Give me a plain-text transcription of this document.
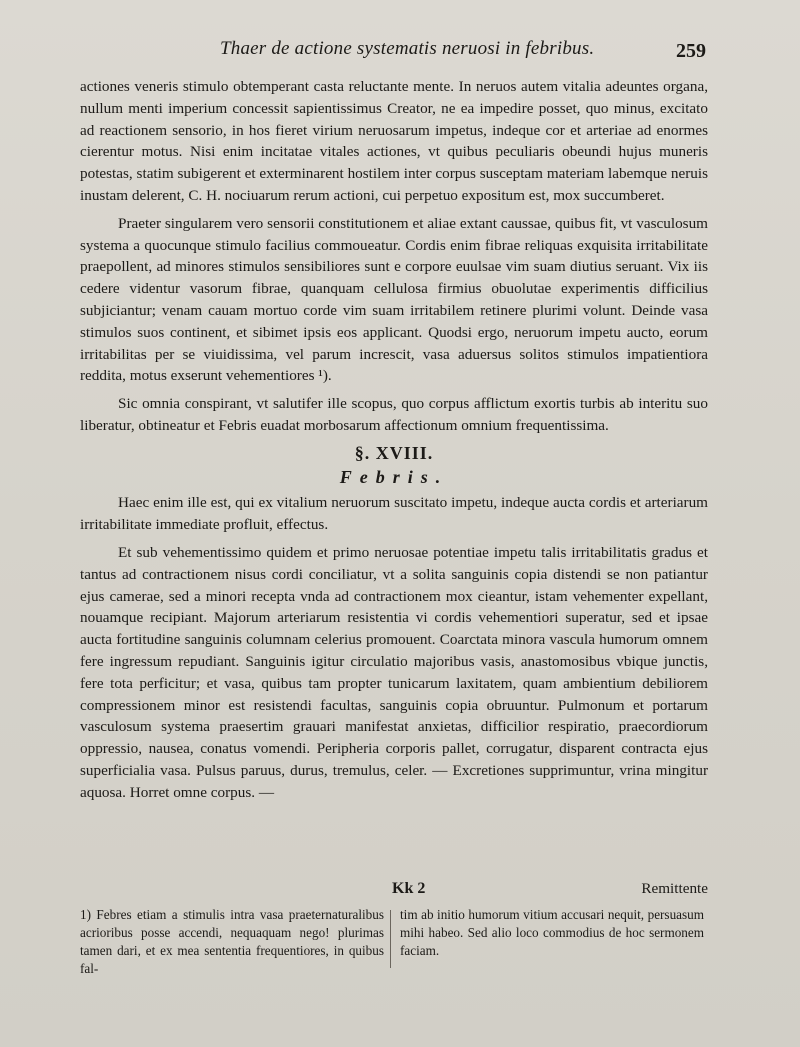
Thaer de actione systematis neruosi in febribus.	259

actiones veneris stimulo obtemperant casta reluctante mente. In neruos autem vitalia adeuntes organa, nullum menti imperium concessit sapientissimus Creator, ne ea impedire posset, quo minus, excitato ad reactionem sensorio, in hos fieret virium neruosarum impetus, indeque cor et arteriae ad enormes cierentur motus. Nisi enim incitatae vitales actiones, vt quibus peculiaris obeundi hujus muneris potestas, statim subigerent et exterminarent hostilem inter corpus susceptam materiam labemque neruis inustam delerent, C. H. nociuarum rerum actioni, cui perpetuo expositum est, mox succumberet.

Praeter singularem vero sensorii constitutionem et aliae extant caussae, quibus fit, vt vasculosum systema a quocunque stimulo facilius commoueatur. Cordis enim fibrae reliquas exquisita irritabilitate praepollent, ad minores stimulos sensibiliores sunt e corpore euulsae vim suam diutius seruant. Vix iis cedere videntur vasorum fibrae, quanquam cellulosa firmius obuolutae experimentis difficilius subjiciantur; venam cauam mortuo corde vim suam irritabilem retinere plurimi volunt. Deinde vasa stimulos suos continent, et sibimet ipsis eos applicant. Quodsi ergo, neruorum impetu aucto, eorum irritabilitas per se viuidissima, vel parum increscit, vasa aduersus solitos stimulos impatientiora reddita, motus exserunt vehementiores ¹).

Sic omnia conspirant, vt salutifer ille scopus, quo corpus afflictum exortis turbis ab interitu suo liberatur, obtineatur et Febris euadat morbosarum affectionum omnium frequentissima.

§. XVIII.
Febris.

Haec enim ille est, qui ex vitalium neruorum suscitato impetu, indeque aucta cordis et arteriarum irritabilitate immediate profluit, effectus.

Et sub vehementissimo quidem et primo neruosae potentiae impetu talis irritabilitatis gradus et tantus ad contractionem nisus cordi conciliatur, vt a solita sanguinis copia distendi se non patiantur ejus camerae, sed a minori recepta vnda ad contractionem mox cieantur, istam vehementer expellant, nouamque recipiant. Majorum arteriarum resistentia vi cordis vehementiori superatur, sed et ipsae aucta fortitudine sanguinis columnam celerius promouent. Coarctata minora vascula humorum omnem fere ingressum repudiant. Sanguinis igitur circulatio majoribus vasis, anastomosibus vbique junctis, fere tota perficitur; et vasa, quibus tam propter tunicarum laxitatem, quam ambientium debiliorem compressionem minor est resistendi facultas, sanguinis copia obruuntur. Pulmonum et portarum vasculosum systema praesertim grauari manifestat anxietas, difficilior respiratio, praecordiorum oppressio, nausea, conatus vomendi. Peripheria corporis pallet, corrugatur, disparent contracta ejus superficialia vasa. Pulsus paruus, durus, tremulus, celer. — Excretiones supprimuntur, vrina mingitur aquosa. Horret omne corpus. —

Kk 2	Remittente
1) Febres etiam a stimulis intra vasa praeternaturalibus acrioribus posse accendi, nequaquam nego! plurimas tamen dari, et ex mea sententia frequentiores, in quibus fal-
tim ab initio humorum vitium accusari nequit, persuasum mihi habeo. Sed alio loco commodius de hoc sermonem faciam.
